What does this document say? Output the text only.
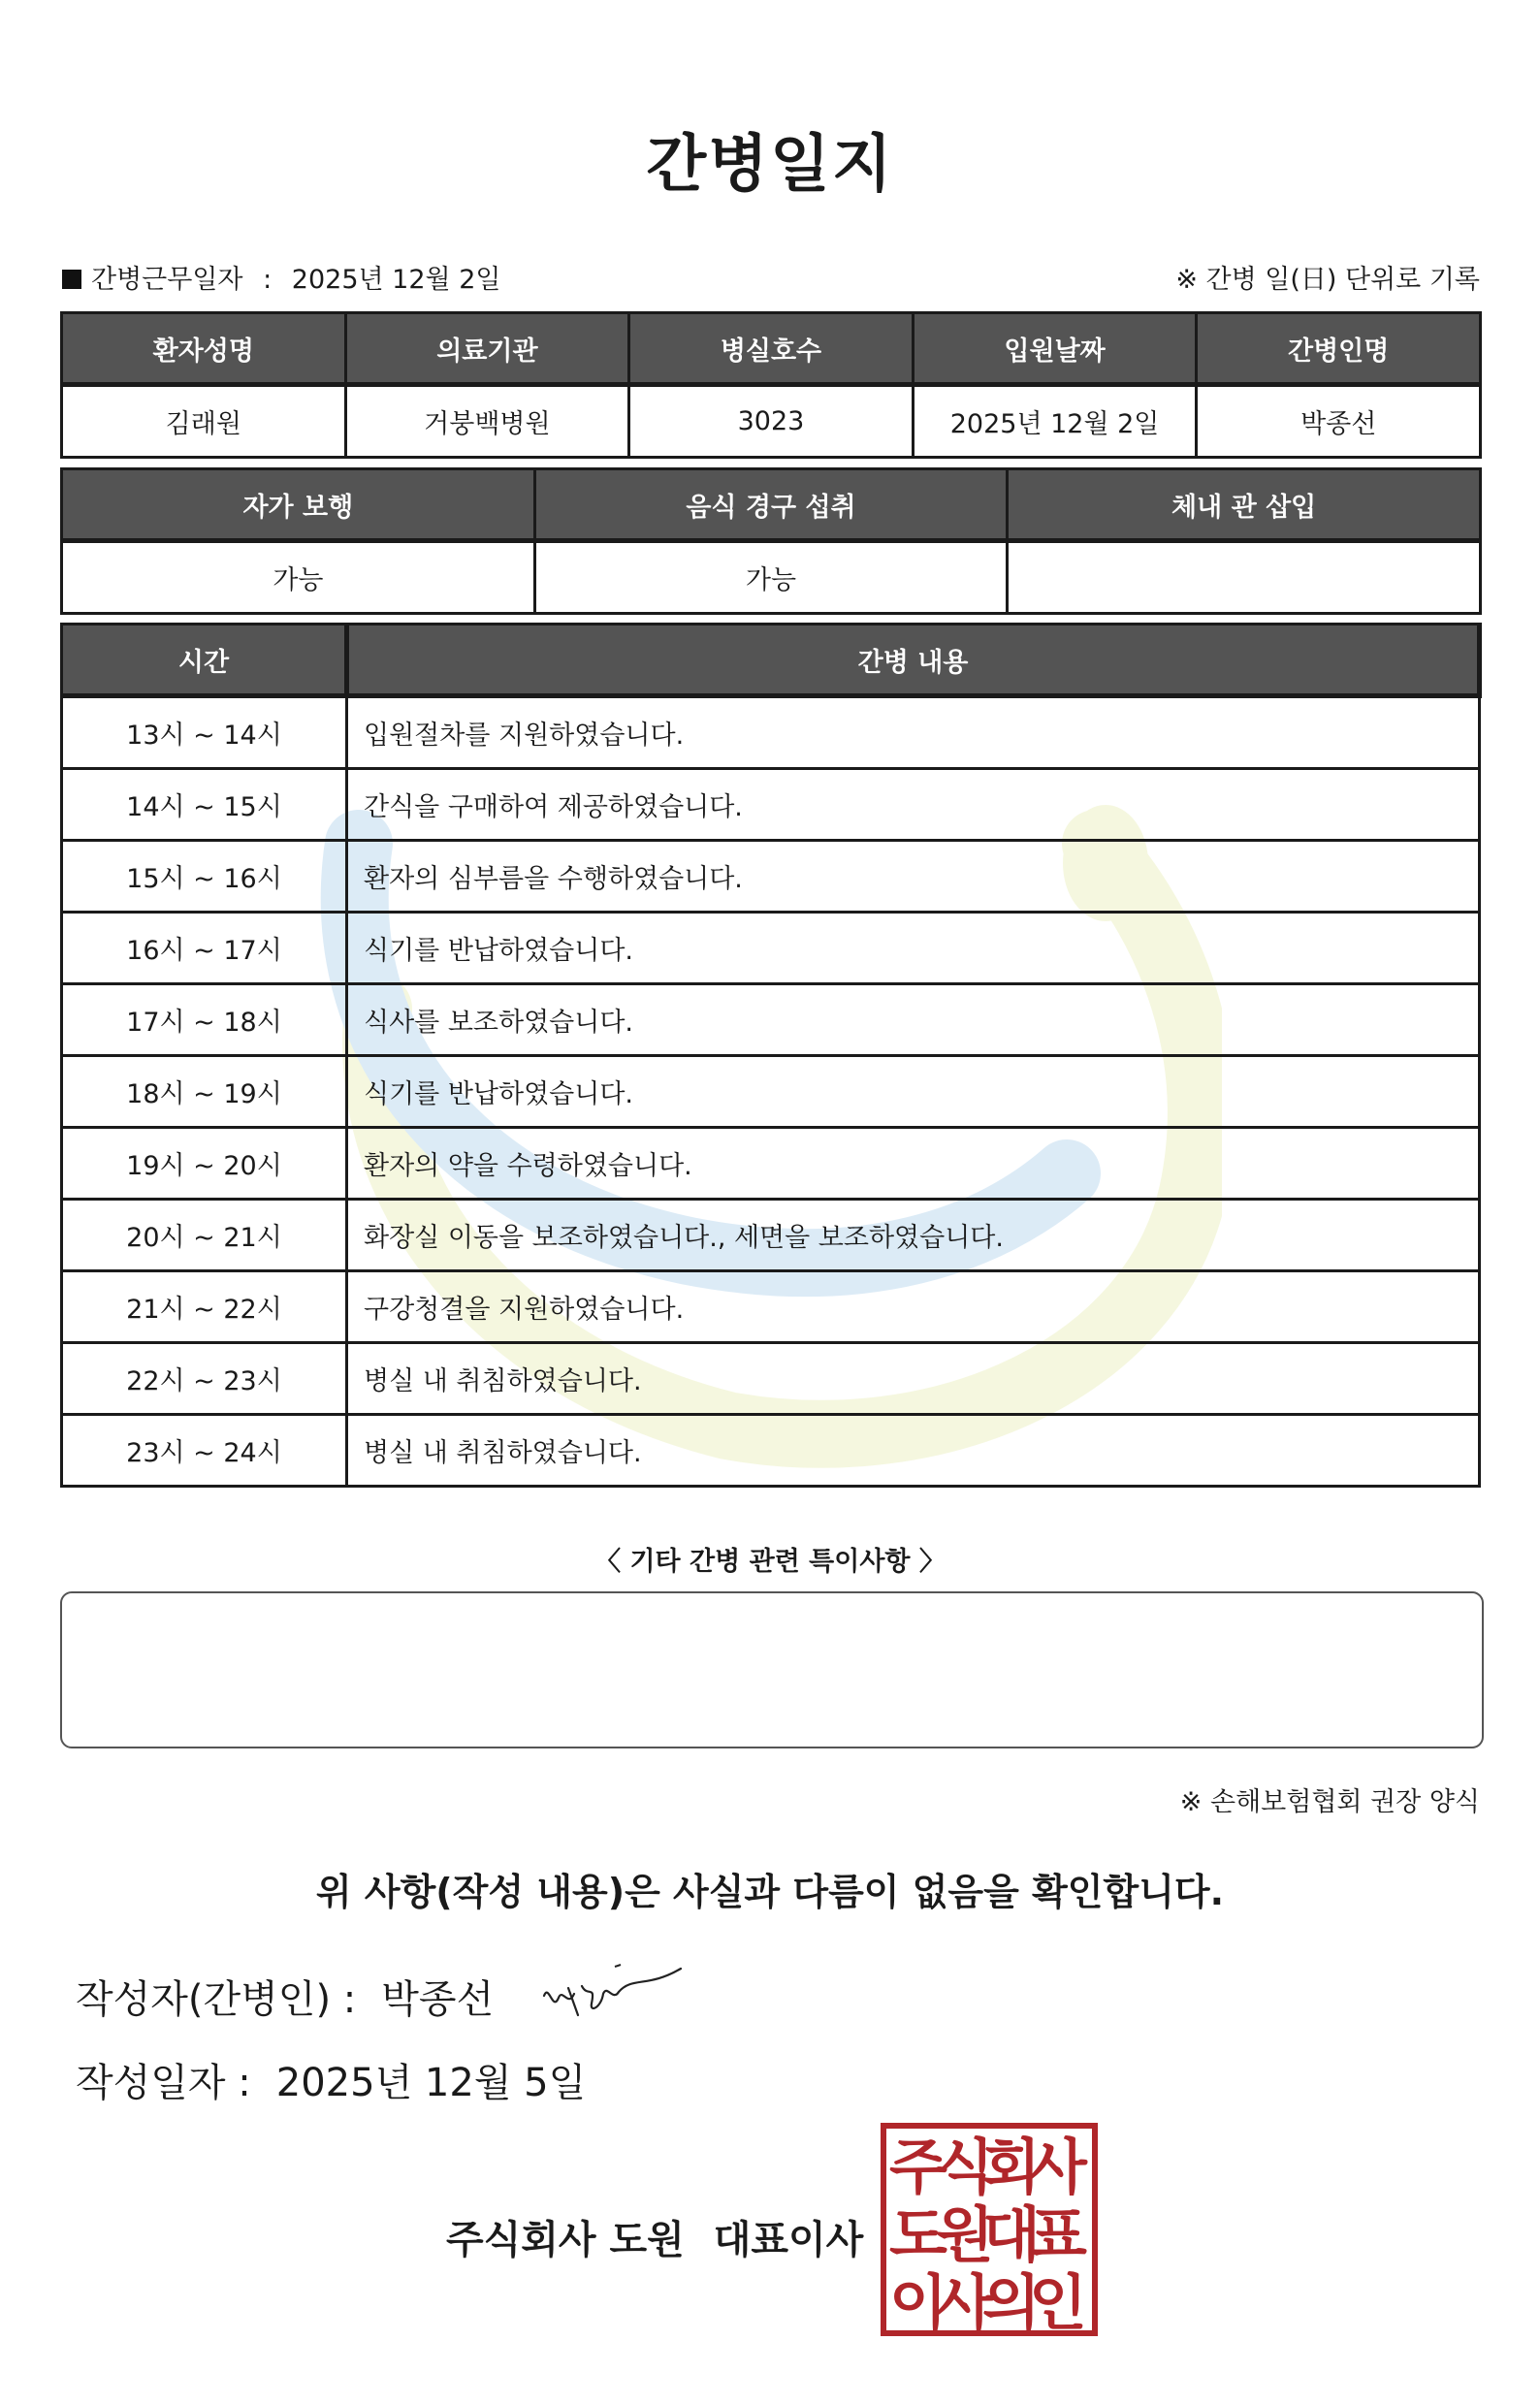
간병일지
간병근무일자 : 2025년 12월 2일	※ 간병 일(日) 단위로 기록
환자성명	의료기관	병실호수	입원날짜	간병인명
김래원	거붕백병원	3023	2025년 12월 2일	박종선
자가 보행	음식 경구 섭취	체내 관 삽입
가능	가능	
시간	간병 내용
13시 ~ 14시	입원절차를 지원하였습니다.
14시 ~ 15시	간식을 구매하여 제공하였습니다.
15시 ~ 16시	환자의 심부름을 수행하였습니다.
16시 ~ 17시	식기를 반납하였습니다.
17시 ~ 18시	식사를 보조하였습니다.
18시 ~ 19시	식기를 반납하였습니다.
19시 ~ 20시	환자의 약을 수령하였습니다.
20시 ~ 21시	화장실 이동을 보조하였습니다., 세면을 보조하였습니다.
21시 ~ 22시	구강청결을 지원하였습니다.
22시 ~ 23시	병실 내 취침하였습니다.
23시 ~ 24시	병실 내 취침하였습니다.
〈 기타 간병 관련 특이사항 〉
※ 손해보험협회 권장 양식
위 사항(작성 내용)은 사실과 다름이 없음을 확인합니다.
작성자(간병인) : 박종선
작성일자 : 2025년 12월 5일
주식회사 도원 대표이사
주
식
회
사
도
원
대
표
이
사
의
인
